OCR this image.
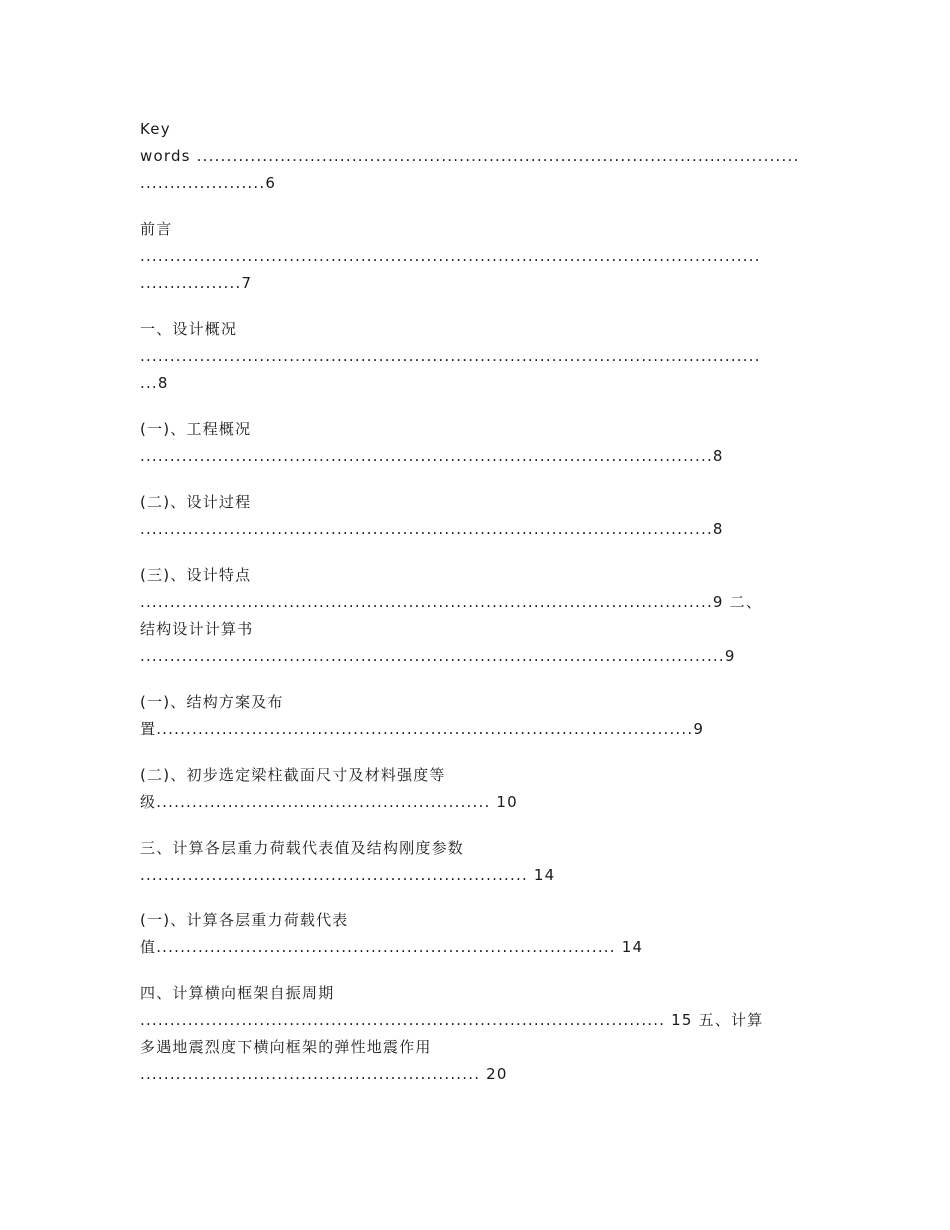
Key
words .....................................................................................................
.....................6
前言
........................................................................................................
.................7
一、设计概况
........................................................................................................
...8
(一)、工程概况
................................................................................................8
(二)、设计过程
................................................................................................8
(三)、设计特点
................................................................................................9 二、
结构设计计算书
..................................................................................................9
(一)、结构方案及布
置..........................................................................................9
(二)、初步选定梁柱截面尺寸及材料强度等
级........................................................ 10
三、计算各层重力荷载代表值及结构刚度参数
................................................................. 14
(一)、计算各层重力荷载代表
值............................................................................. 14
四、计算横向框架自振周期
........................................................................................ 15 五、计算
多遇地震烈度下横向框架的弹性地震作用
......................................................... 20
